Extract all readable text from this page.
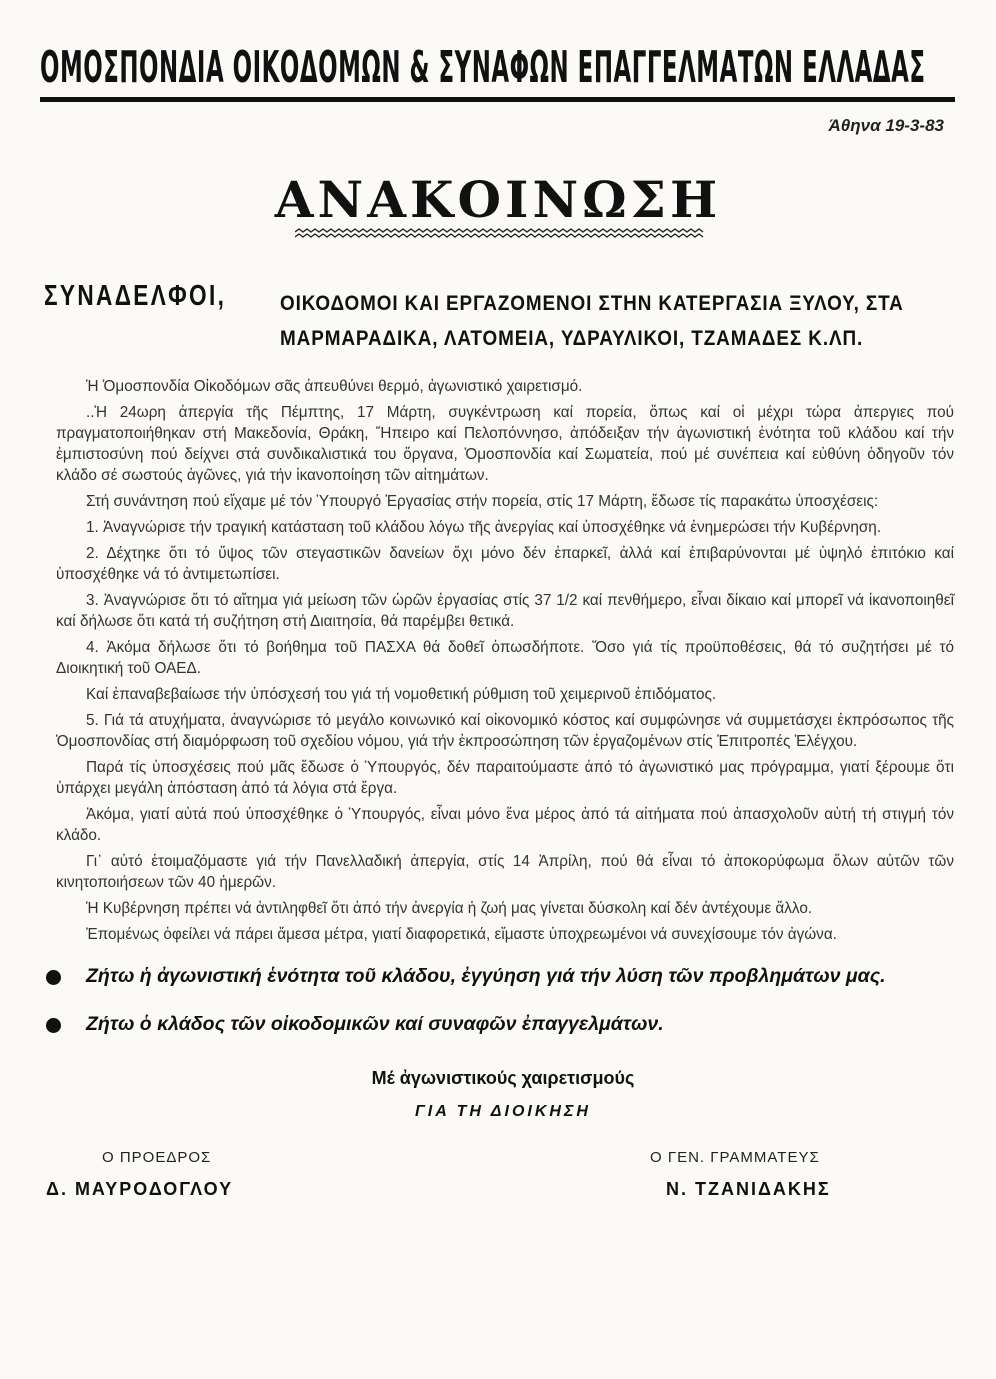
ΟΜΟΣΠΟΝΔΙΑ ΟΙΚΟΔΟΜΩΝ & ΣΥΝΑΦΩΝ ΕΠΑΓΓΕΛΜΑΤΩΝ ΕΛΛΑΔΑΣ
Άθηνα 19-3-83
ΑΝΑΚΟΙΝΩΣΗ
ΣΥΝΑΔΕΛΦΟΙ,	ΟΙΚΟΔΟΜΟΙ ΚΑΙ ΕΡΓΑΖΟΜΕΝΟΙ ΣΤΗΝ ΚΑΤΕΡΓΑΣΙΑ ΞΥΛΟΥ, ΣΤΑ
ΜΑΡΜΑΡΑΔΙΚΑ, ΛΑΤΟΜΕΙΑ, ΥΔΡΑΥΛΙΚΟΙ, ΤΖΑΜΑΔΕΣ Κ.ΛΠ.

Ἡ Ὁμοσπονδία Οἰκοδόμων σᾶς ἀπευθύνει θερμό, ἀγωνιστικό χαιρετισμό.

..Ἡ 24ωρη ἀπεργία τῆς Πέμπτης, 17 Μάρτη, συγκέντρωση καί πορεία, ὅπως καί οἱ μέχρι τώρα ἀπεργιες πού πραγματοποιήθηκαν στή Μακεδονία, Θράκη, Ἤπειρο καί Πελοπόννησο, ἀπόδειξαν τήν ἀγωνιστική ἑνότητα τοῦ κλάδου καί τήν ἐμπιστοσύνη πού δείχνει στά συνδικαλιστικά του ὄργανα, Ὁμοσπονδία καί Σωματεία, πού μέ συνέπεια καί εὐθύνη ὁδηγοῦν τόν κλάδο σέ σωστούς ἀγῶνες, γιά τήν ἱκανοποίηση τῶν αἰτημάτων.

Στή συνάντηση πού εἴχαμε μέ τόν Ὑπουργό Ἐργασίας στήν πορεία, στίς 17 Μάρτη, ἔδωσε τίς παρακάτω ὑποσχέσεις:

1. Ἀναγνώρισε τήν τραγική κατάσταση τοῦ κλάδου λόγω τῆς ἀνεργίας καί ὑποσχέθηκε νά ἐνημερώσει τήν Κυβέρνηση.

2. Δέχτηκε ὅτι τό ὕψος τῶν στεγαστικῶν δανείων ὄχι μόνο δέν ἐπαρκεῖ, ἀλλά καί ἐπιβαρύνονται μέ ὑψηλό ἐπιτόκιο καί ὑποσχέθηκε νά τό ἀντιμετωπίσει.

3. Ἀναγνώρισε ὅτι τό αἴτημα γιά μείωση τῶν ὡρῶν ἐργασίας στίς 37 1/2 καί πενθήμερο, εἶναι δίκαιο καί μπορεῖ νά ἱκανοποιηθεῖ καί δήλωσε ὅτι κατά τή συζήτηση στή Διαιτησία, θά παρέμβει θετικά.

4. Ἀκόμα δήλωσε ὅτι τό βοήθημα τοῦ ΠΑΣΧΑ θά δοθεῖ ὁπωσδήποτε. Ὅσο γιά τίς προϋποθέσεις, θά τό συζητήσει μέ τό Διοικητική τοῦ ΟΑΕΔ.

Καί ἐπαναβεβαίωσε τήν ὑπόσχεσή του γιά τή νομοθετική ρύθμιση τοῦ χειμερινοῦ ἐπιδόματος.

5. Γιά τά ατυχήματα, ἀναγνώρισε τό μεγάλο κοινωνικό καί οἰκονομικό κόστος καί συμφώνησε νά συμμετάσχει ἐκπρόσωπος τῆς Ὁμοσπονδίας στή διαμόρφωση τοῦ σχεδίου νόμου, γιά τήν ἐκπροσώπηση τῶν ἐργαζομένων στίς Ἐπιτροπές Ἐλέγχου.

Παρά τίς ὑποσχέσεις πού μᾶς ἔδωσε ὁ Ὑπουργός, δέν παραιτούμαστε ἀπό τό ἀγωνιστικό μας πρόγραμμα, γιατί ξέρουμε ὅτι ὑπάρχει μεγάλη ἀπόσταση ἀπό τά λόγια στά ἔργα.

Ἀκόμα, γιατί αὐτά πού ὑποσχέθηκε ὁ Ὑπουργός, εἶναι μόνο ἕνα μέρος ἀπό τά αἰτήματα πού ἀπασχολοῦν αὐτή τή στιγμή τόν κλάδο.

Γι᾽ αὐτό ἑτοιμαζόμαστε γιά τήν Πανελλαδική ἀπεργία, στίς 14 Ἀπρίλη, πού θά εἶναι τό ἀποκορύφωμα ὅλων αὐτῶν τῶν κινητοποιήσεων τῶν 40 ἡμερῶν.

Ἡ Κυβέρνηση πρέπει νά ἀντιληφθεῖ ὅτι ἀπό τήν ἀνεργία ἡ ζωή μας γίνεται δύσκολη καί δέν ἀντέχουμε ἄλλο.

Ἐπομένως ὀφείλει νά πάρει ἄμεσα μέτρα, γιατί διαφορετικά, εἴμαστε ὑποχρεωμένοι νά συνεχίσουμε τόν ἀγώνα.

Ζήτω ἡ ἀγωνιστική ἑνότητα τοῦ κλάδου, ἐγγύηση γιά τήν λύση τῶν προβλημάτων μας.
Ζήτω ὁ κλάδος τῶν οἰκοδομικῶν καί συναφῶν ἐπαγγελμάτων.
Μέ ἀγωνιστικούς χαιρετισμούς
ΓΙΑ ΤΗ ΔΙΟΙΚΗΣΗ
Ο ΠΡΟΕΔΡΟΣ
Δ. ΜΑΥΡΟΔΟΓΛΟΥ
Ο ΓΕΝ. ΓΡΑΜΜΑΤΕΥΣ
Ν. ΤΖΑΝΙΔΑΚΗΣ
